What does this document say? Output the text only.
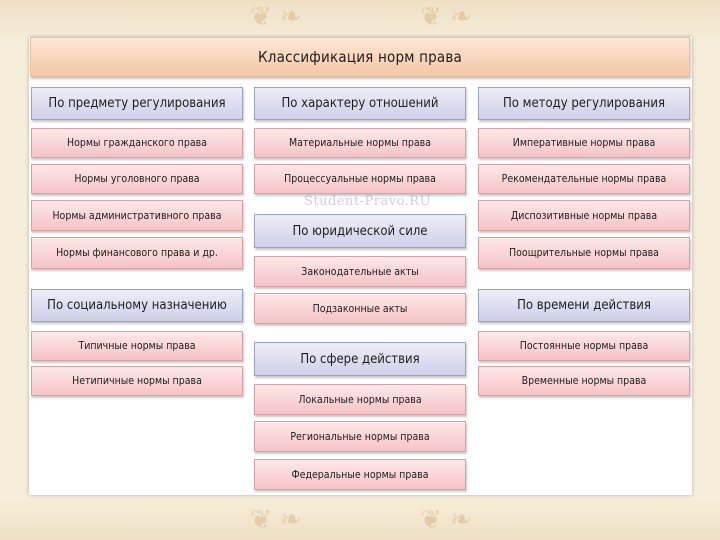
❦ ❧	❦ ❧
❦ ❧	❦ ❧
Классификация норм права
Student-Pravo.RU
По предмету регулирования
Нормы гражданского права
Нормы уголовного права
Нормы административного права
Нормы финансового права и др.
По социальному назначению
Типичные нормы права
Нетипичные нормы права
По характеру отношений
Материальные нормы права
Процессуальные нормы права
По юридической силе
Законодательные акты
Подзаконные акты
По сфере действия
Локальные нормы права
Региональные нормы права
Федеральные нормы права
По методу регулирования
Императивные нормы права
Рекомендательные нормы права
Диспозитивные нормы права
Поощрительные нормы права
По времени действия
Постоянные нормы права
Временные нормы права
